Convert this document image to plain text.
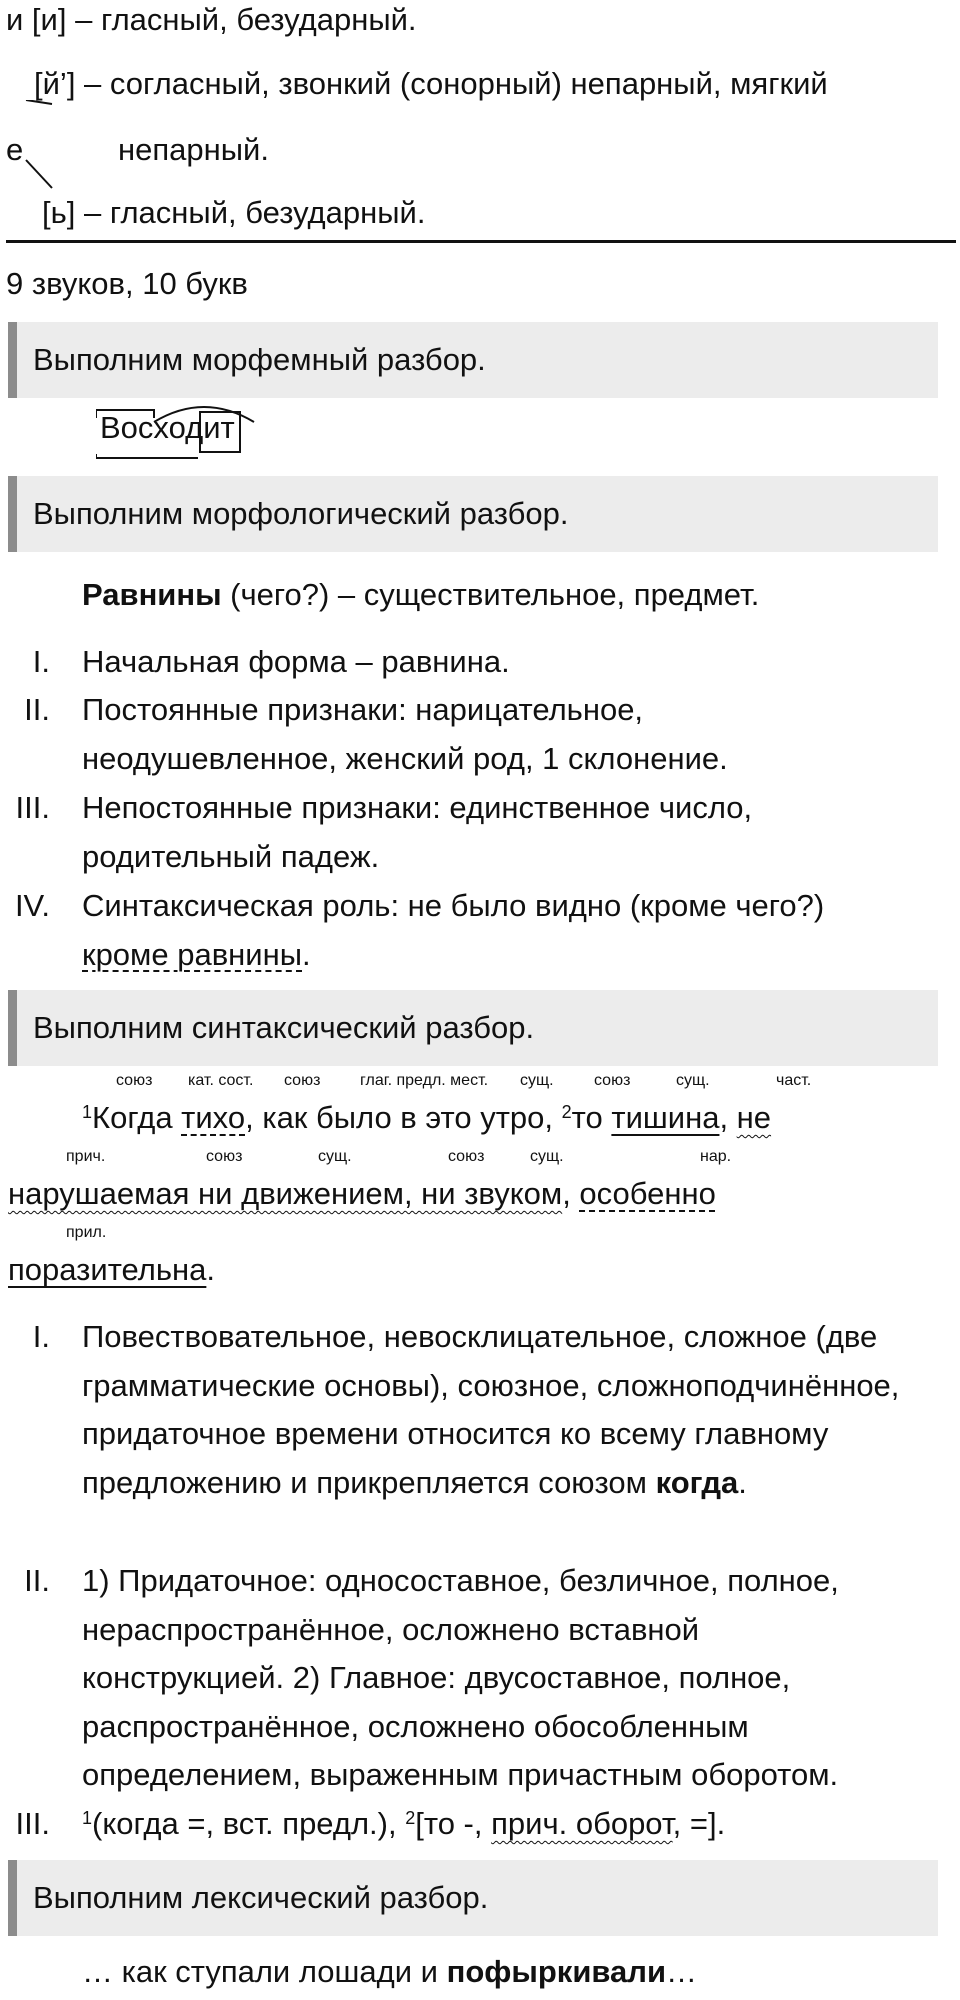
и [и] – гласный, безударный.
[й’] – согласный, звонкий (сонорный) непарный, мягкий
е	непарный.
[ь] – гласный, безударный.
9 звуков, 10 букв
Выполним морфемный разбор.
Восходит
Выполним морфологический разбор.
Равнины (чего?) – существительное, предмет.
I. Начальная форма – равнина.
II. Постоянные признаки: нарицательное, неодушевленное, женский род, 1 склонение.
III. Непостоянные признаки: единственное число, родительный падеж.
IV. Синтаксическая роль: не было видно (кроме чего?)
кроме равнины.
Выполним синтаксический разбор.
союз кат. сост. союз глаг. предл. мест. сущ.	союз	сущ.	част.
$^1$Когда тихо, как было в это утро, $^2$то тишина, не
прич.	союз	сущ.	союз	сущ.	нар.
нарушаемая ни движением, ни звуком, особенно
прил.
поразительна.
I. Повествовательное, невосклицательное, сложное (две грамматические основы), союзное, сложноподчинённое, придаточное времени относится ко всему главному предложению и прикрепляется союзом когда.
II. 1) Придаточное: односоставное, безличное, полное, нераспространённое, осложнено вставной конструкцией. 2) Главное: двусоставное, полное, распространённое, осложнено обособленным определением, выраженным причастным оборотом.
III. $^1$(когда =, вст. предл.), $^2$[то -, прич. оборот, =].
Выполним лексический разбор.
… как ступали лошади и пофыркивали…
